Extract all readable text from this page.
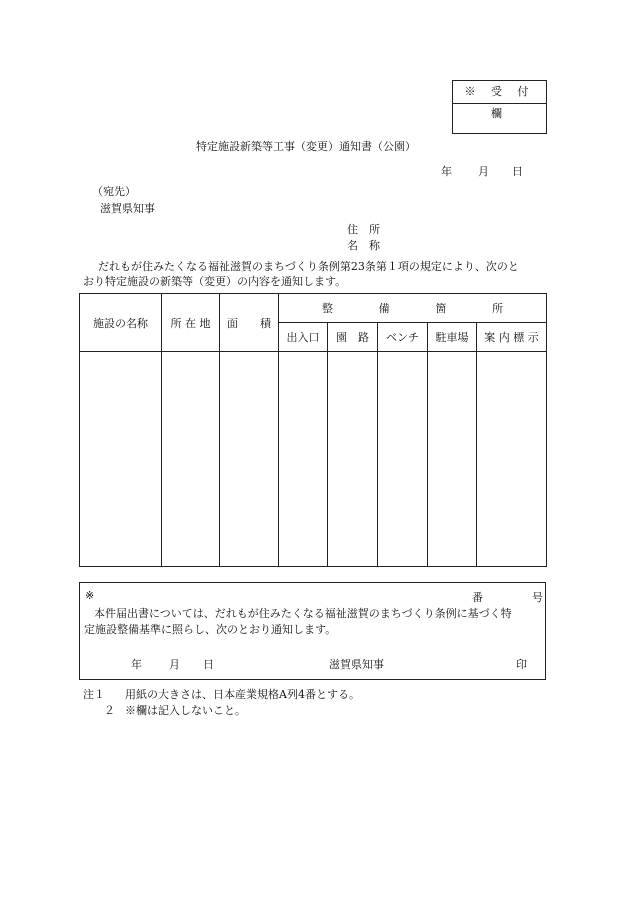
※ 受 付 欄
特定施設新築等工事（変更）通知書（公園）
年 月 日
（宛先）
滋賀県知事
住　所
名　称
だれもが住みたくなる福祉滋賀のまちづくり条例第23条第１項の規定により、次のと
おり特定施設の新築等（変更）の内容を通知します。
施設の名称	所 在 地	面　　積	整 備 箇 所				

			出入口	園　路	ベンチ	駐車場	案 内 標 示

※	番	号
本件届出書については、だれもが住みたくなる福祉滋賀のまちづくり条例に基づく特
定施設整備基準に照らし、次のとおり通知します。
年 月 日	滋賀県知事	印
注１ 用紙の大きさは、日本産業規格A列4番とする。
２ ※欄は記入しないこと。
